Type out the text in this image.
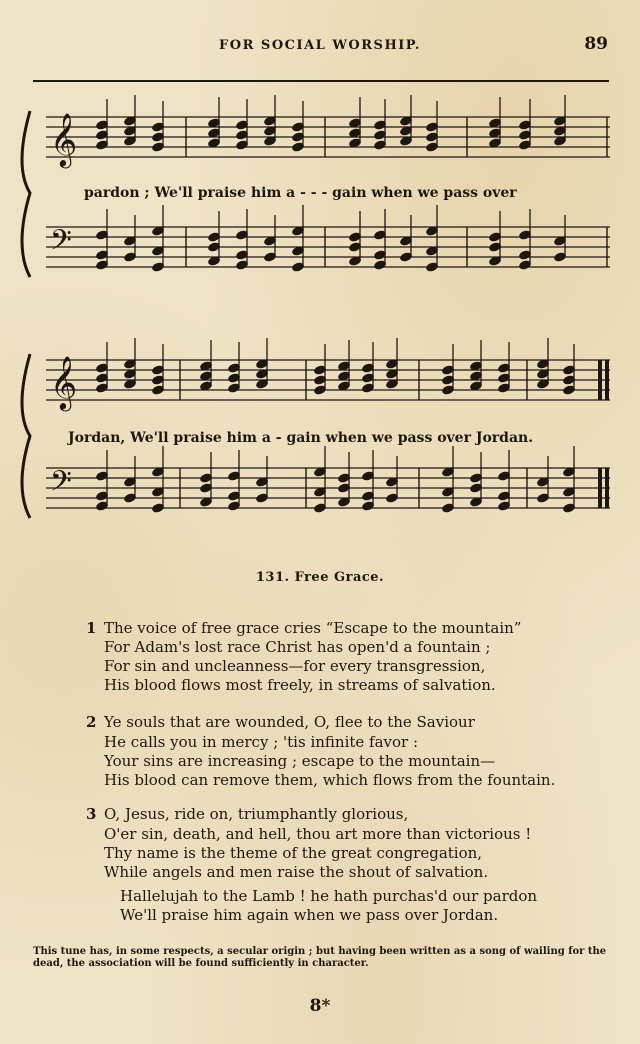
FOR SOCIAL WORSHIP.	89
𝄞
𝄢
pardon ; We'll praise him a - - - gain when we pass over
𝄞
𝄢
Jordan, We'll praise him a - gain when we pass over Jordan.
131. Free Grace.
1 The voice of free grace cries “Escape to the mountain”
For Adam's lost race Christ has open'd a fountain ;
For sin and uncleanness—for every transgression,
His blood flows most freely, in streams of salvation.
2 Ye souls that are wounded, O, flee to the Saviour
He calls you in mercy ; 'tis infinite favor :
Your sins are increasing ; escape to the mountain—
His blood can remove them, which flows from the fountain.
3 O, Jesus, ride on, triumphantly glorious,
O'er sin, death, and hell, thou art more than victorious !
Thy name is the theme of the great congregation,
While angels and men raise the shout of salvation.
Hallelujah to the Lamb ! he hath purchas'd our pardon
We'll praise him again when we pass over Jordan.
This tune has, in some respects, a secular origin ; but having been written as a song of wailing for the dead, the association will be found sufficiently in character.
8*
